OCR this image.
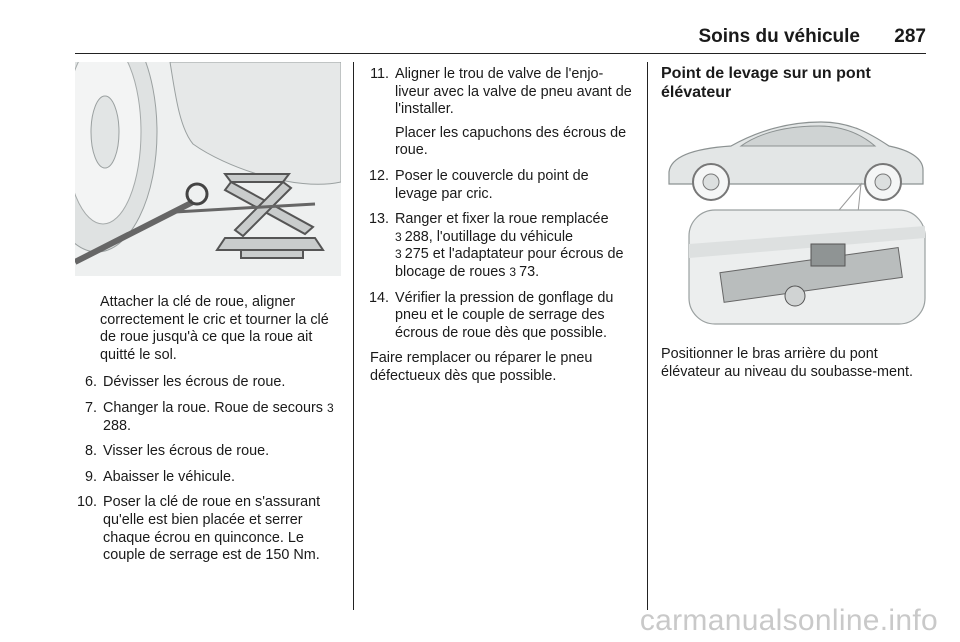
Soins du véhicule	287
Attacher la clé de roue, aligner correctement le cric et tourner la clé de roue jusqu'à ce que la roue ait quitté le sol.
6. Dévisser les écrous de roue.
7. Changer la roue. Roue de secours 3288.
8. Visser les écrous de roue.
9. Abaisser le véhicule.
10. Poser la clé de roue en s'assurant qu'elle est bien placée et serrer chaque écrou en quinconce. Le couple de serrage est de 150 Nm.
11. Aligner le trou de valve de l'enjo-liveur avec la valve de pneu avant de l'installer.
Placer les capuchons des écrous de roue.
12. Poser le couvercle du point de levage par cric.
13. Ranger et fixer la roue remplacée
3 288, l'outillage du véhicule
3 275 et l'adaptateur pour écrous de blocage de roues 3 73.
14. Vérifier la pression de gonflage du pneu et le couple de serrage des écrous de roue dès que possible.
Faire remplacer ou réparer le pneu défectueux dès que possible.
Point de levage sur un pont élévateur
Positionner le bras arrière du pont élévateur au niveau du soubasse-ment.
carmanualsonline.info
